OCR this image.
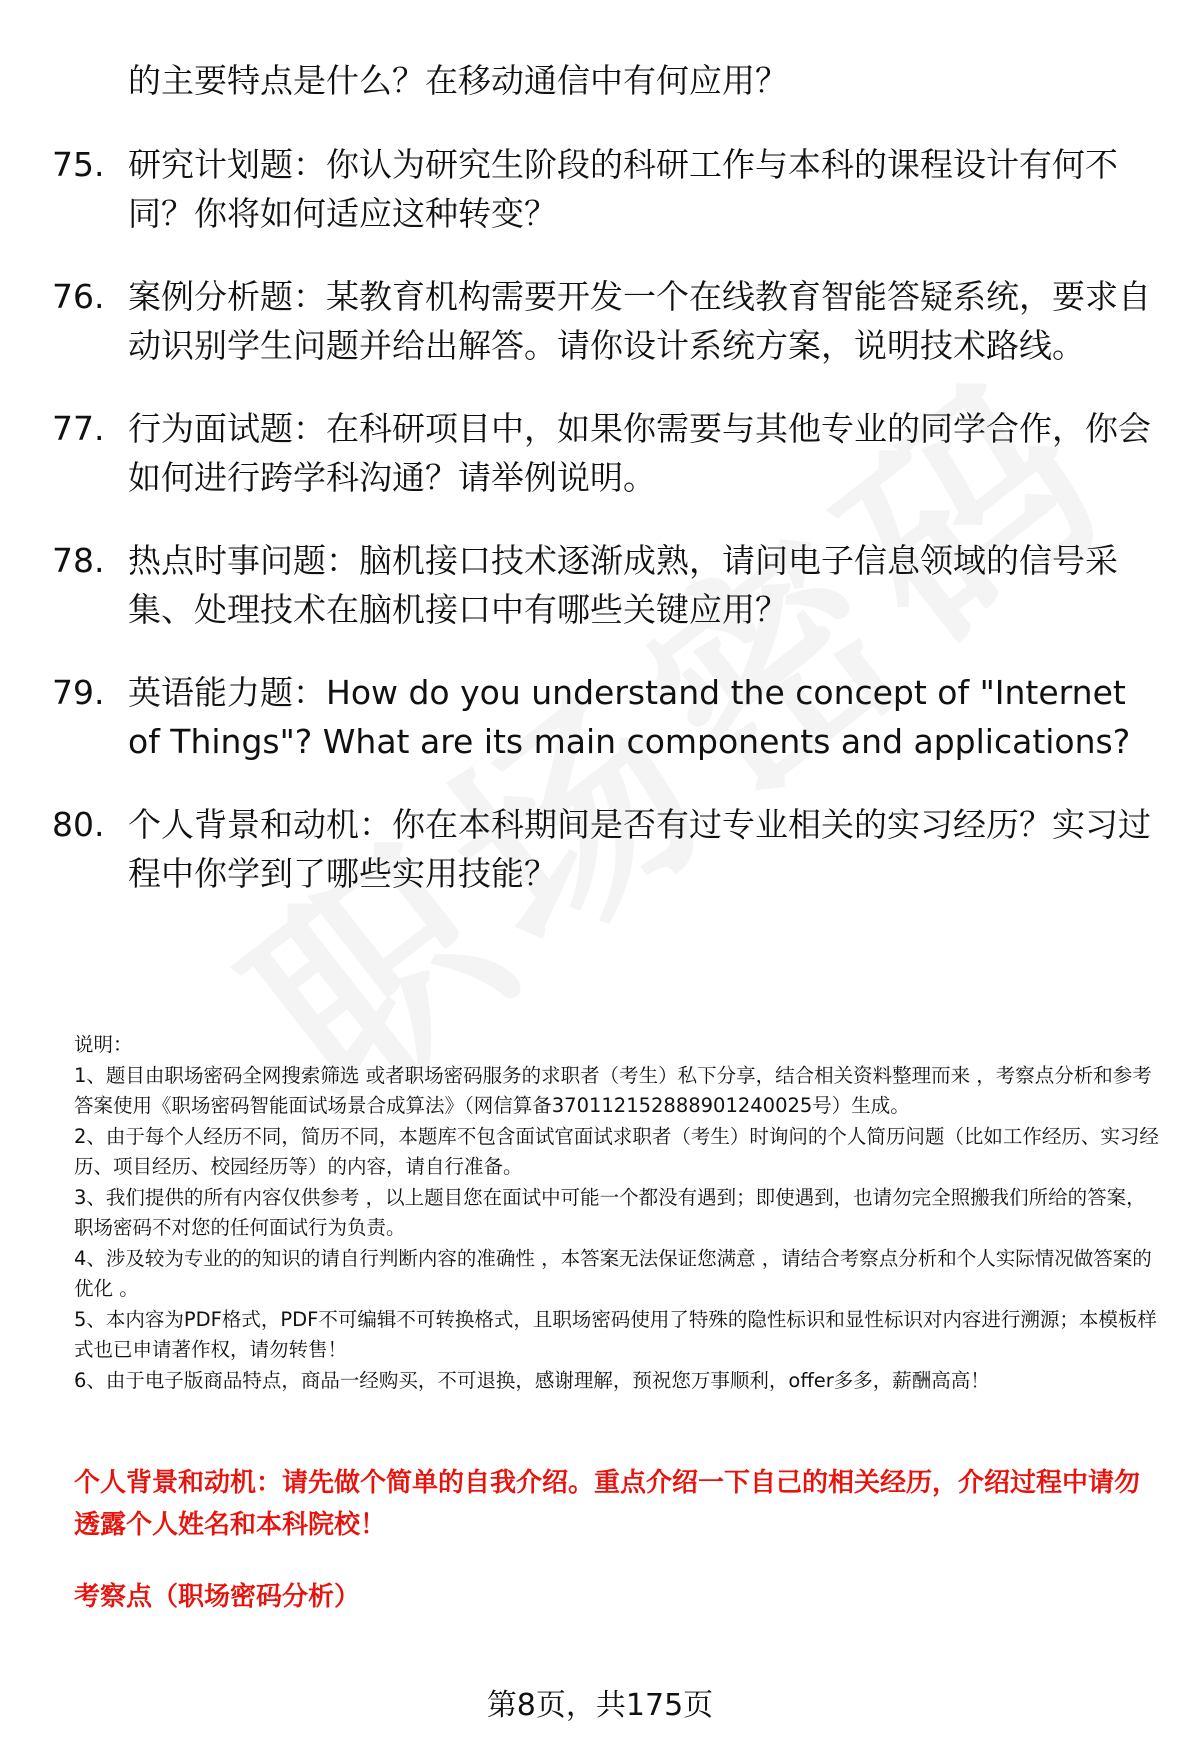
的主要特点是什么？在移动通信中有何应用？
75. 研究计划题：你认为研究生阶段的科研工作与本科的课程设计有何不同？你将如何适应这种转变？
76. 案例分析题：某教育机构需要开发一个在线教育智能答疑系统，要求自动识别学生问题并给出解答。请你设计系统方案，说明技术路线。
77. 行为面试题：在科研项目中，如果你需要与其他专业的同学合作，你会如何进行跨学科沟通？请举例说明。
78. 热点时事问题：脑机接口技术逐渐成熟，请问电子信息领域的信号采集、处理技术在脑机接口中有哪些关键应用？
79. 英语能力题：How do you understand the concept of "Internet of Things"? What are its main components and applications?
80. 个人背景和动机：你在本科期间是否有过专业相关的实习经历？实习过程中你学到了哪些实用技能？
说明：
1、题目由职场密码全网搜索筛选 或者职场密码服务的求职者（考生）私下分享，结合相关资料整理而来 ，考察点分析和参考答案使用《职场密码智能面试场景合成算法》（网信算备370112152888901240025号）生成。
2、由于每个人经历不同，简历不同，本题库不包含面试官面试求职者（考生）时询问的个人简历问题（比如工作经历、实习经历、项目经历、校园经历等）的内容，请自行准备。
3、我们提供的所有内容仅供参考 ，以上题目您在面试中可能一个都没有遇到；即使遇到，也请勿完全照搬我们所给的答案，职场密码不对您的任何面试行为负责。
4、涉及较为专业的的知识的请自行判断内容的准确性 ，本答案无法保证您满意 ，请结合考察点分析和个人实际情况做答案的优化 。
5、本内容为PDF格式，PDF不可编辑不可转换格式，且职场密码使用了特殊的隐性标识和显性标识对内容进行溯源；本模板样式也已申请著作权，请勿转售！
6、由于电子版商品特点，商品一经购买，不可退换，感谢理解，预祝您万事顺利，offer多多，薪酬高高！
个人背景和动机：请先做个简单的自我介绍。重点介绍一下自己的相关经历，介绍过程中请勿透露个人姓名和本科院校！
考察点（职场密码分析）
第8页，共175页
